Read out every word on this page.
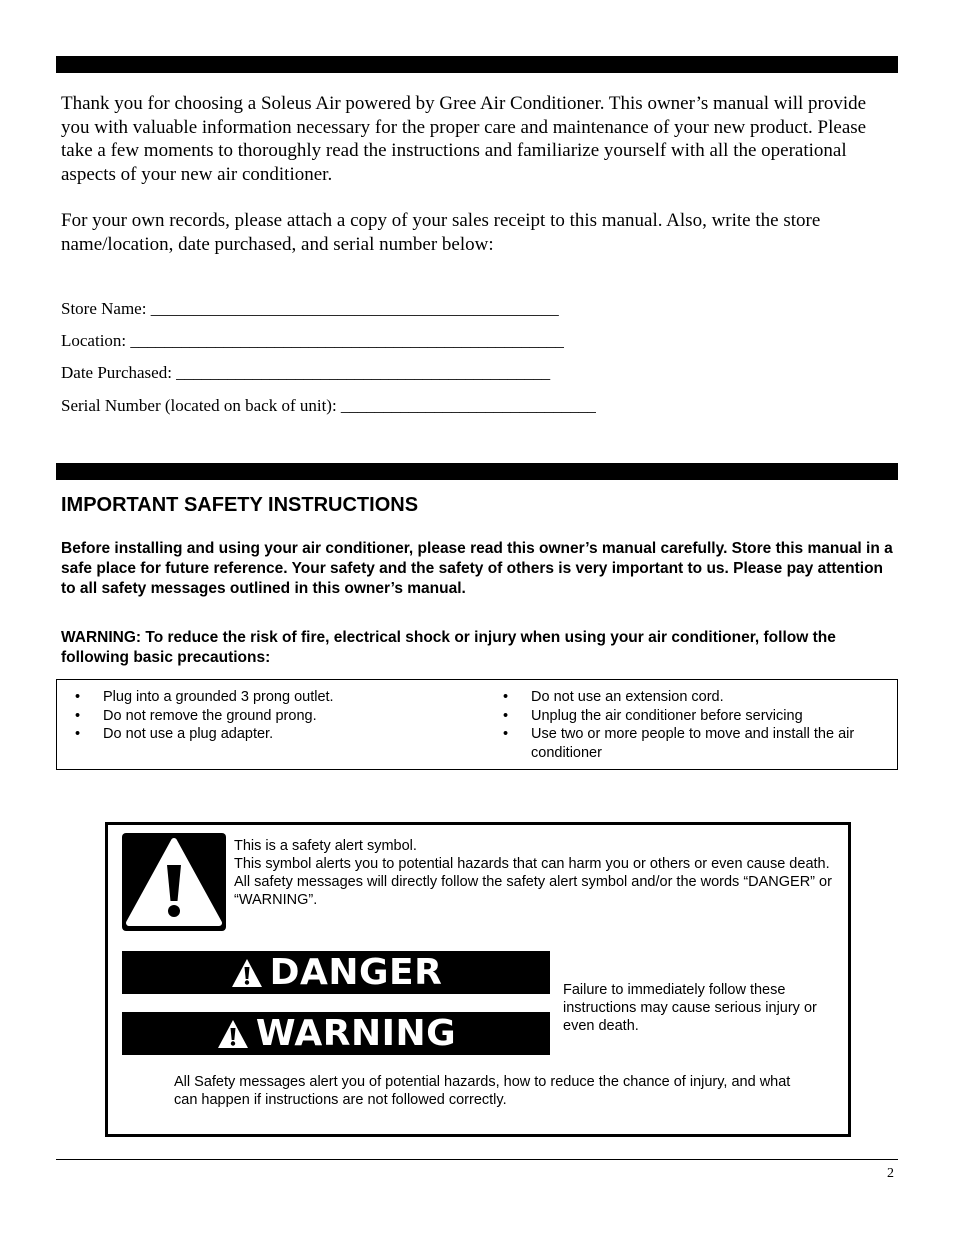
Thank you for choosing a Soleus Air powered by Gree Air Conditioner. This owner’s manual will provide you with valuable information necessary for the proper care and maintenance of your new product. Please take a few moments to thoroughly read the instructions and familiarize yourself with all the operational aspects of your new air conditioner.

For your own records, please attach a copy of your sales receipt to this manual. Also, write the store name/location, date purchased, and serial number below:

Store Name: ________________________________________________
Location: ___________________________________________________
Date Purchased: ____________________________________________
Serial Number (located on back of unit): ______________________________
IMPORTANT SAFETY INSTRUCTIONS

Before installing and using your air conditioner, please read this owner’s manual carefully. Store this manual in a safe place for future reference. Your safety and the safety of others is very important to us. Please pay attention to all safety messages outlined in this owner’s manual.

WARNING: To reduce the risk of fire, electrical shock or injury when using your air conditioner, follow the following basic precautions:

• Plug into a grounded 3 prong outlet.
• Do not remove the ground prong.
• Do not use a plug adapter.
• Do not use an extension cord.
• Unplug the air conditioner before servicing
• Use two or more people to move and install the air conditioner

This is a safety alert symbol.
This symbol alerts you to potential hazards that can harm you or others or even cause death.
All safety messages will directly follow the safety alert symbol and/or the words “DANGER” or “WARNING”.

DANGER
WARNING

Failure to immediately follow these instructions may cause serious injury or even death.

All Safety messages alert you of potential hazards, how to reduce the chance of injury, and what can happen if instructions are not followed correctly.

2
